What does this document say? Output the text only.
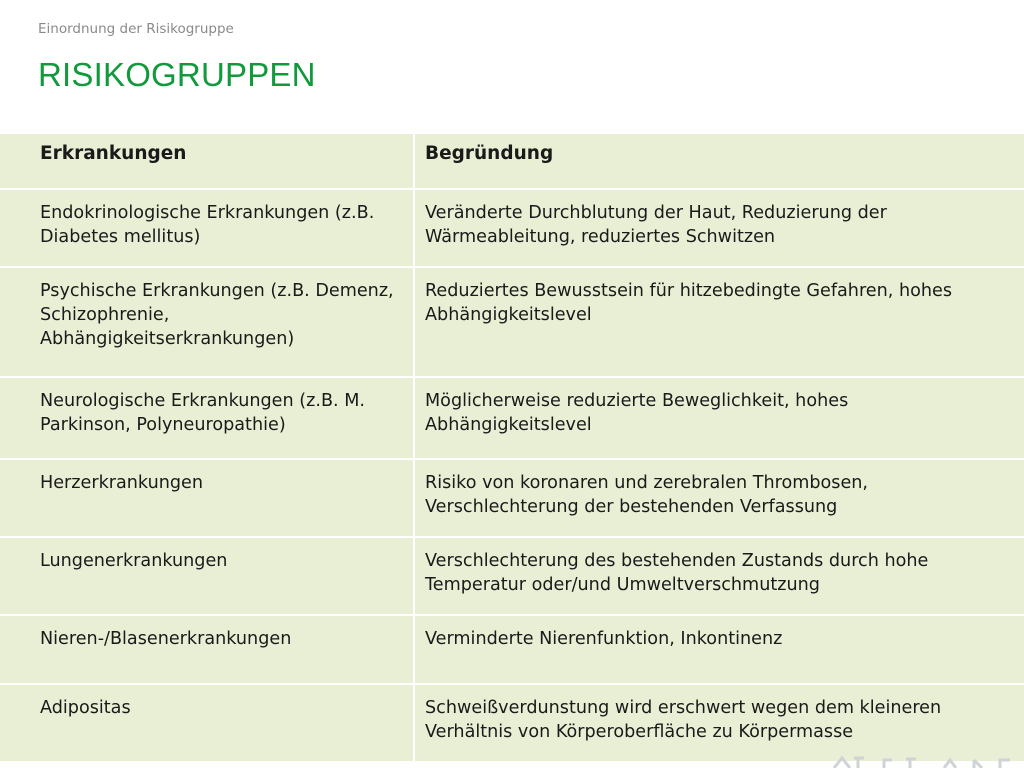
Einordnung der Risikogruppe
RISIKOGRUPPEN
Erkrankungen	Begründung

Endokrinologische Erkrankungen (z.B. Diabetes mellitus)	Veränderte Durchblutung der Haut, Reduzierung der Wärmeableitung, reduziertes Schwitzen

Psychische Erkrankungen (z.B. Demenz, Schizophrenie, Abhängigkeitserkrankungen)	Reduziertes Bewusstsein für hitzebedingte Gefahren, hohes Abhängigkeitslevel

Neurologische Erkrankungen (z.B. M. Parkinson, Polyneuropathie)	Möglicherweise reduzierte Beweglichkeit, hohes Abhängigkeitslevel

Herzerkrankungen	Risiko von koronaren und zerebralen Thrombosen, Verschlechterung der bestehenden Verfassung

Lungenerkrankungen	Verschlechterung des bestehenden Zustands durch hohe Temperatur oder/und Umweltverschmutzung

Nieren-/Blasenerkrankungen	Verminderte Nierenfunktion, Inkontinenz

Adipositas	Schweißverdunstung wird erschwert wegen dem kleineren Verhältnis von Körperoberfläche zu Körpermasse
